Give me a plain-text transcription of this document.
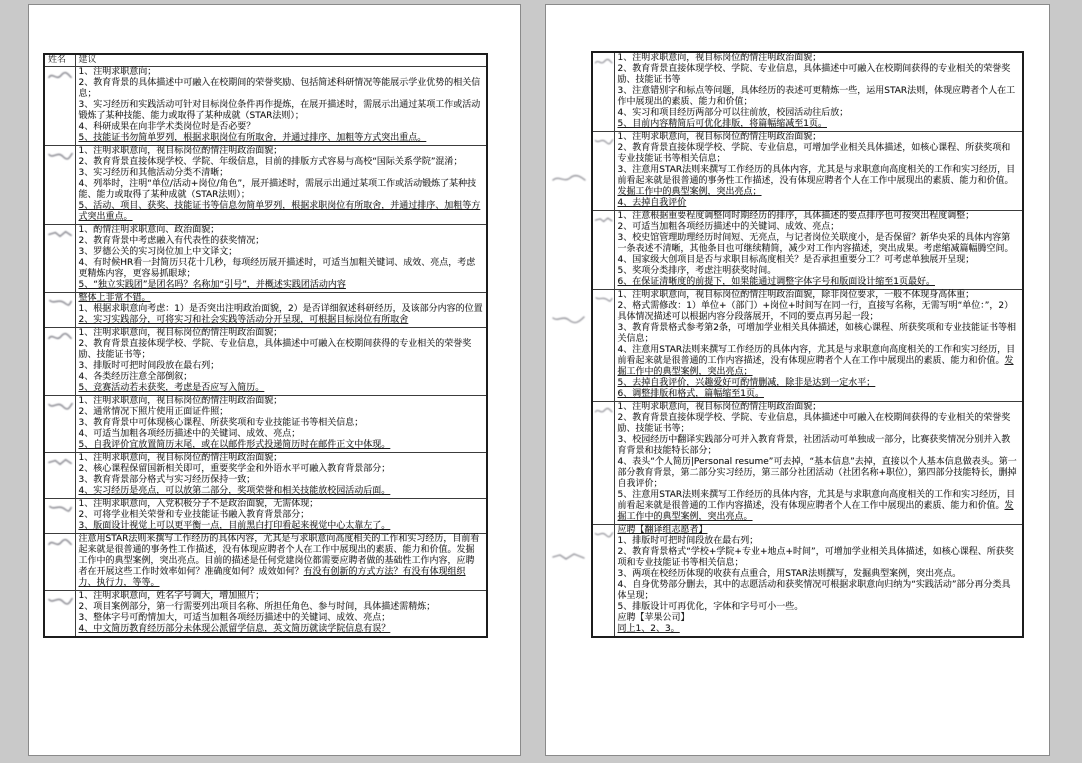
姓名	建议

1、注明求职意向；
2、教育背景的具体描述中可融入在校期间的荣誉奖励、包括简述科研情况等能展示学业优势的相关信息；
3、实习经历和实践活动可针对目标岗位条件再作提炼，在展开描述时，需展示出通过某项工作或活动锻炼了某种技能、能力或取得了某种成就（STAR法则）；
4、科研成果在向非学术类岗位时是否必要？
5、技能证书勿简单罗列，根据求职岗位有所取舍，并通过排序、加粗等方式突出重点。

1、注明求职意向，视目标岗位酌情注明政治面貌；
2、教育背景直接体现学校、学院、年级信息，目前的排版方式容易与高校“国际关系学院”混淆；
3、实习经历和其他活动分类不清晰；
4、列举时，注明“单位/活动+岗位/角色”，展开描述时，需展示出通过某项工作或活动锻炼了某种技能、能力或取得了某种成就（STAR法则）；
5、活动、项目、获奖、技能证书等信息勿简单罗列，根据求职岗位有所取舍，并通过排序、加粗等方式突出重点。

1、酌情注明求职意向、政治面貌；
2、教育背景中考虑融入有代表性的获奖情况；
3、罗德公关的实习岗位加上中文译文；
4、有时候HR看一封简历只花十几秒，每项经历展开描述时，可适当加粗关键词、成效、亮点，考虑更精炼内容，更容易抓眼球；
5、“独立实践团”是团名吗？名称加“引号”，并概述实践团活动内容

整体上非常不错。
1、根据求职意向考虑：1）是否突出注明政治面貌，2）是否详细叙述科研经历，及该部分内容的位置
2、实习实践部分，可将实习和社会实践等活动分开呈现，可根据目标岗位有所取舍

1、注明求职意向，视目标岗位酌情注明政治面貌；
2、教育背景直接体现学校、学院、专业信息，具体描述中可融入在校期间获得的专业相关的荣誉奖励、技能证书等；
3、排版时可把时间段放在最右列；
4、各类经历注意全部倒叙；
5、竞赛活动若未获奖，考虑是否应写入简历。

1、注明求职意向，视目标岗位酌情注明政治面貌；
2、通常情况下照片使用正面证件照；
3、教育背景中可体现核心课程、所获奖项和专业技能证书等相关信息；
4、可适当加粗各项经历描述中的关键词、成效、亮点；
5、自我评价宜放置简历末尾，或在以邮件形式投递简历时在邮件正文中体现。

1、注明求职意向，视目标岗位酌情注明政治面貌；
2、核心课程保留国新相关即可，重要奖学金和外语水平可融入教育背景部分；
3、教育背景部分格式与实习经历保持一致；
4、实习经历是亮点，可以放第二部分，奖项荣誉和相关技能放校园活动后面。

1、注明求职意向，入党积极分子不是政治面貌，无需体现；
2、可将学业相关荣誉和专业技能证书融入教育背景部分；
3、版面设计视觉上可以更平衡一点，目前黑白打印看起来视觉中心太靠左了。

注意用STAR法则来撰写工作经历的具体内容，尤其是与求职意向高度相关的工作和实习经历，目前看起来就是很普通的事务性工作描述，没有体现应聘者个人在工作中展现出的素质、能力和价值。发掘工作中的典型案例，突出亮点。目前的描述是任何党建岗位都需要应聘者做的基础性工作内容，应聘者在开展这些工作时效率如何？准确度如何？成效如何？有没有创新的方式方法？有没有体现组织力、执行力，等等。

1、注明求职意向，姓名字号调大，增加照片；
2、项目案例部分，第一行需要列出项目名称、所担任角色、参与时间，具体描述需精炼；
3、整体字号可酌情加大，可适当加粗各项经历描述中的关键词、成效、亮点；
4、中文简历教育经历部分未体现公派留学信息，英文简历就读学院信息有误？

1、注明求职意向，视目标岗位酌情注明政治面貌；
2、教育背景直接体现学校、学院、专业信息，具体描述中可融入在校期间获得的专业相关的荣誉奖励、技能证书等
3、注意错别字和标点等问题，具体经历的表述可更精炼一些，运用STAR法则，体现应聘者个人在工作中展现出的素质、能力和价值；
4、实习和项目经历两部分可以往前放，校园活动往后放；
5、目前内容精简后可优化排版，将篇幅缩减至1页。

1、注明求职意向，视目标岗位酌情注明政治面貌；
2、教育背景直接体现学校、学院、专业信息，可增加学业相关具体描述，如核心课程、所获奖项和专业技能证书等相关信息；
3、注意用STAR法则来撰写工作经历的具体内容，尤其是与求职意向高度相关的工作和实习经历，目前看起来就是很普通的事务性工作描述，没有体现应聘者个人在工作中展现出的素质、能力和价值。发掘工作中的典型案例，突出亮点；
4、去掉自我评价

1、注意根据重要程度调整同时期经历的排序，具体描述的要点排序也可按突出程度调整；
2、可适当加粗各项经历描述中的关键词、成效、亮点；
3、校史馆管理助理经历时间短、无亮点，与记者岗位关联度小，是否保留？新华央采的具体内容第一条表述不清晰，其他条目也可继续精简，减少对工作内容描述，突出成果。考虑缩减篇幅腾空间。
4、国家级大创项目是否与求职目标高度相关？是否承担重要分工？可考虑单独展开呈现；
5、奖项分类排序，考虑注明获奖时间。
6、在保证清晰度的前提下，如果能通过调整字体字号和版面设计缩至1页最好。

1、注明求职意向，视目标岗位酌情注明政治面貌，除非岗位要求，一般不体现身高体重；
2、格式需修改：1）单位+（部门）+岗位+时间写在同一行，直接写名称，无需写明“单位：”，2）具体情况描述可以根据内容分段落展开，不同的要点再另起一段；
3、教育背景格式参考第2条，可增加学业相关具体描述，如核心课程、所获奖项和专业技能证书等相关信息；
4、注意用STAR法则来撰写工作经历的具体内容，尤其是与求职意向高度相关的工作和实习经历，目前看起来就是很普通的工作内容描述，没有体现应聘者个人在工作中展现出的素质、能力和价值。发掘工作中的典型案例，突出亮点；
5、去掉自我评价，兴趣爱好可酌情删减，除非是达到一定水平；
6、调整排版和格式，篇幅缩至1页。

1、注明求职意向，视目标岗位酌情注明政治面貌；
2、教育背景直接体现学校、学院、专业信息，具体描述中可融入在校期间获得的专业相关的荣誉奖励、技能证书等；
3、校园经历中翻译实践部分可并入教育背景，社团活动可单独成一部分，比赛获奖情况分别并入教育背景和技能特长部分；
4、表头“个人简历|Personal resume”可去掉，“基本信息”去掉，直接以个人基本信息做表头。第一部分教育背景，第二部分实习经历，第三部分社团活动（社团名称+职位），第四部分技能特长，删掉自我评价；
5、注意用STAR法则来撰写工作经历的具体内容，尤其是与求职意向高度相关的工作和实习经历，目前看起来就是很普通的工作内容描述，没有体现应聘者个人在工作中展现出的素质、能力和价值。发掘工作中的典型案例，突出亮点。

应聘【翻译组志愿者】
1、排版时可把时间段放在最右列；
2、教育背景格式“学校+学院+专业+地点+时间”，可增加学业相关具体描述，如核心课程、所获奖项和专业技能证书等相关信息；
3、两项在校经历体现的收获有点重合，用STAR法则撰写，发掘典型案例，突出亮点。
4、自身优势部分删去，其中的志愿活动和获奖情况可根据求职意向归纳为“实践活动”部分再分类具体呈现；
5、排版设计可再优化，字体和字号可小一些。
应聘【苹果公司】
同上1、2、3。
